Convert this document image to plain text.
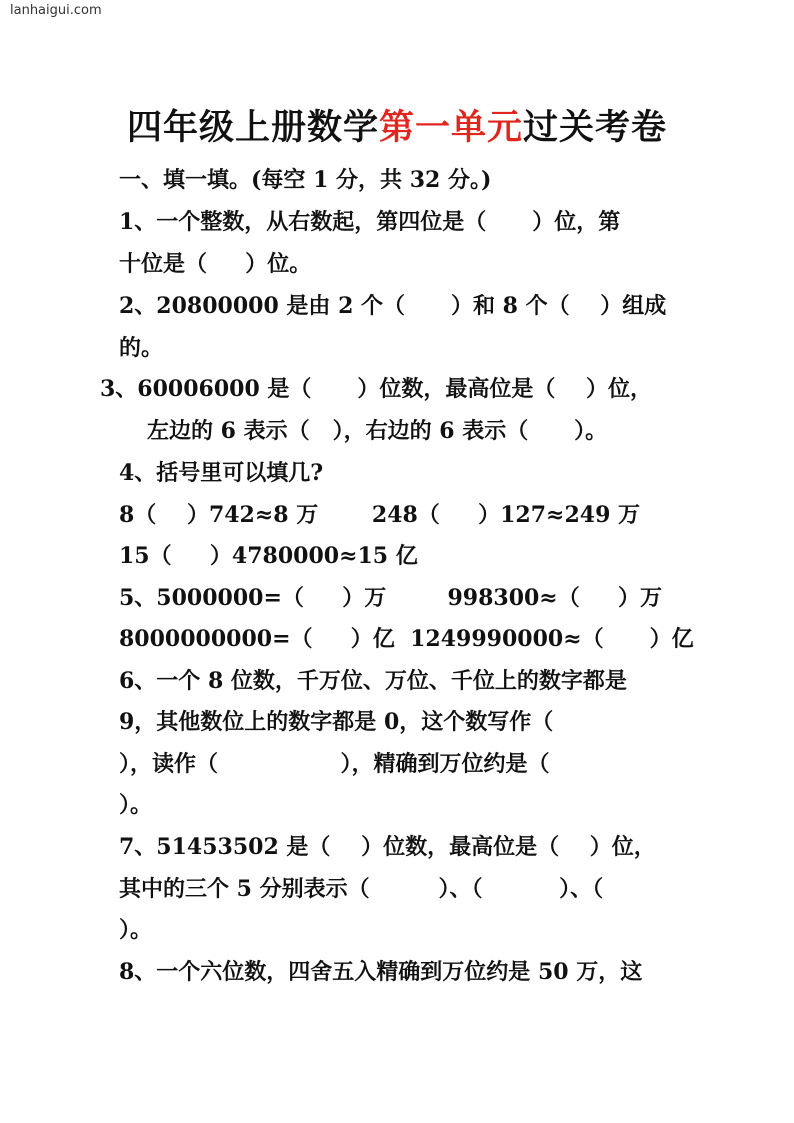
lanhaigui.com
四年级上册数学第一单元过关考卷
一、填一填。(每空 1 分，共 32 分。)
1、一个整数，从右数起，第四位是（      ）位，第
十位是（     ）位。
2、20800000 是由 2 个（      ）和 8 个（    ）组成
的。
3、60006000 是（      ）位数，最高位是（    ）位，
左边的 6 表示（   ），右边的 6 表示（      ）。
4、括号里可以填几?
8（    ）742≈8 万       248（     ）127≈249 万
15（     ）4780000≈15 亿
5、5000000=（     ）万        998300≈（     ）万
8000000000=（     ）亿  1249990000≈（      ）亿
6、一个 8 位数，千万位、万位、千位上的数字都是
9，其他数位上的数字都是 0，这个数写作（
），读作（                ），精确到万位约是（
）。
7、51453502 是（    ）位数，最高位是（    ）位，
其中的三个 5 分别表示（         ）、（          ）、（
）。
8、一个六位数，四舍五入精确到万位约是 50 万，这
